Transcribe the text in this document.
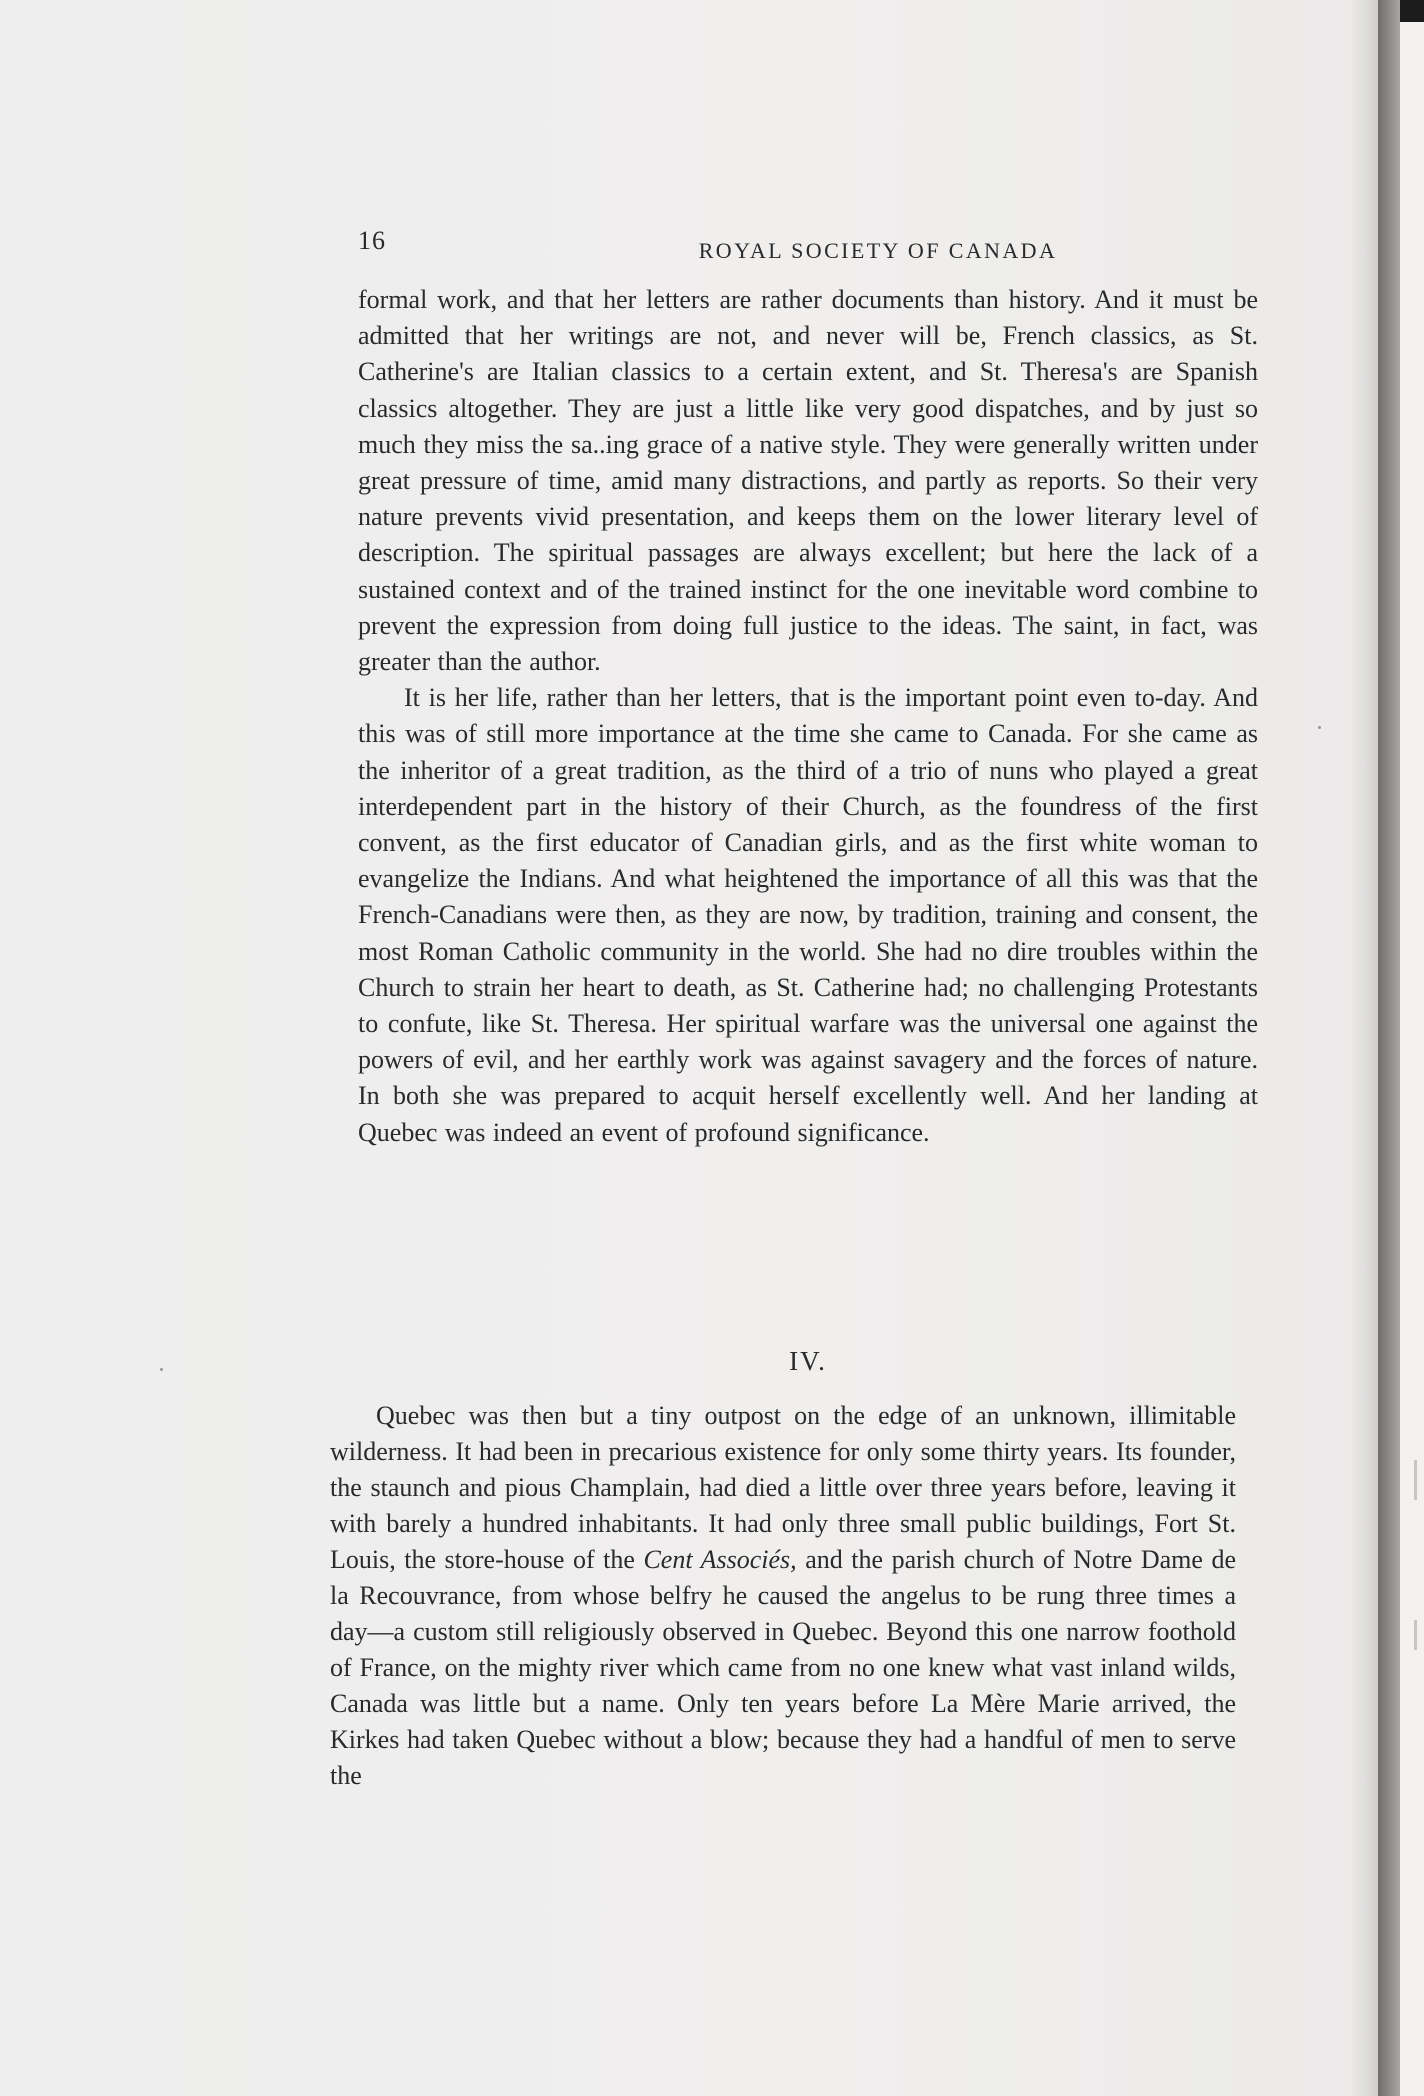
16	ROYAL SOCIETY OF CANADA

formal work, and that her letters are rather documents than history. And it must be admitted that her writings are not, and never will be, French classics, as St. Catherine's are Italian classics to a certain extent, and St. Theresa's are Spanish classics altogether. They are just a little like very good dispatches, and by just so much they miss the sa..ing grace of a native style. They were generally written under great pressure of time, amid many distractions, and partly as reports. So their very nature prevents vivid presentation, and keeps them on the lower literary level of description. The spiritual passages are always excellent; but here the lack of a sustained context and of the trained instinct for the one inevitable word combine to prevent the expression from doing full justice to the ideas. The saint, in fact, was greater than the author.

It is her life, rather than her letters, that is the important point even to-day. And this was of still more importance at the time she came to Canada. For she came as the inheritor of a great tradition, as the third of a trio of nuns who played a great interdependent part in the history of their Church, as the foundress of the first convent, as the first educator of Canadian girls, and as the first white woman to evangelize the Indians. And what heightened the importance of all this was that the French-Canadians were then, as they are now, by tradition, training and consent, the most Roman Catholic community in the world. She had no dire troubles within the Church to strain her heart to death, as St. Catherine had; no challenging Protestants to confute, like St. Theresa. Her spiritual warfare was the universal one against the powers of evil, and her earthly work was against savagery and the forces of nature. In both she was prepared to acquit herself excellently well. And her landing at Quebec was indeed an event of profound significance.

IV.

Quebec was then but a tiny outpost on the edge of an unknown, illimitable wilderness. It had been in precarious existence for only some thirty years. Its founder, the staunch and pious Champlain, had died a little over three years before, leaving it with barely a hundred inhabitants. It had only three small public buildings, Fort St. Louis, the store-house of the Cent Associés, and the parish church of Notre Dame de la Recouvrance, from whose belfry he caused the angelus to be rung three times a day—a custom still religiously observed in Quebec. Beyond this one narrow foothold of France, on the mighty river which came from no one knew what vast inland wilds, Canada was little but a name. Only ten years before La Mère Marie arrived, the Kirkes had taken Quebec without a blow; because they had a handful of men to serve the
